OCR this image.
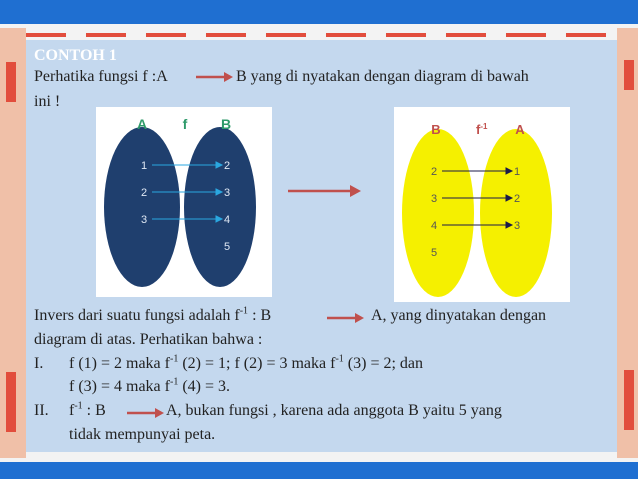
CONTOH 1
Perhatika fungsi f :A	B yang di nyatakan dengan diagram di bawah
ini !
A	f B
1
2
3
2
3
4
5
B	$f^{-1}$ A
2
3
4
5
1
2
3
Invers dari suatu fungsi adalah $f^{-1}$ : B	A, yang dinyatakan dengan
diagram di atas. Perhatikan bahwa :
I. f (1) = 2 maka $f^{-1}$ (2) = 1; f (2) = 3 maka $f^{-1}$ (3) = 2; dan
f (3) = 4 maka $f^{-1}$ (4) = 3.
II. $f^{-1}$ : B	A, bukan fungsi , karena ada anggota B yaitu 5 yang
tidak mempunyai peta.
